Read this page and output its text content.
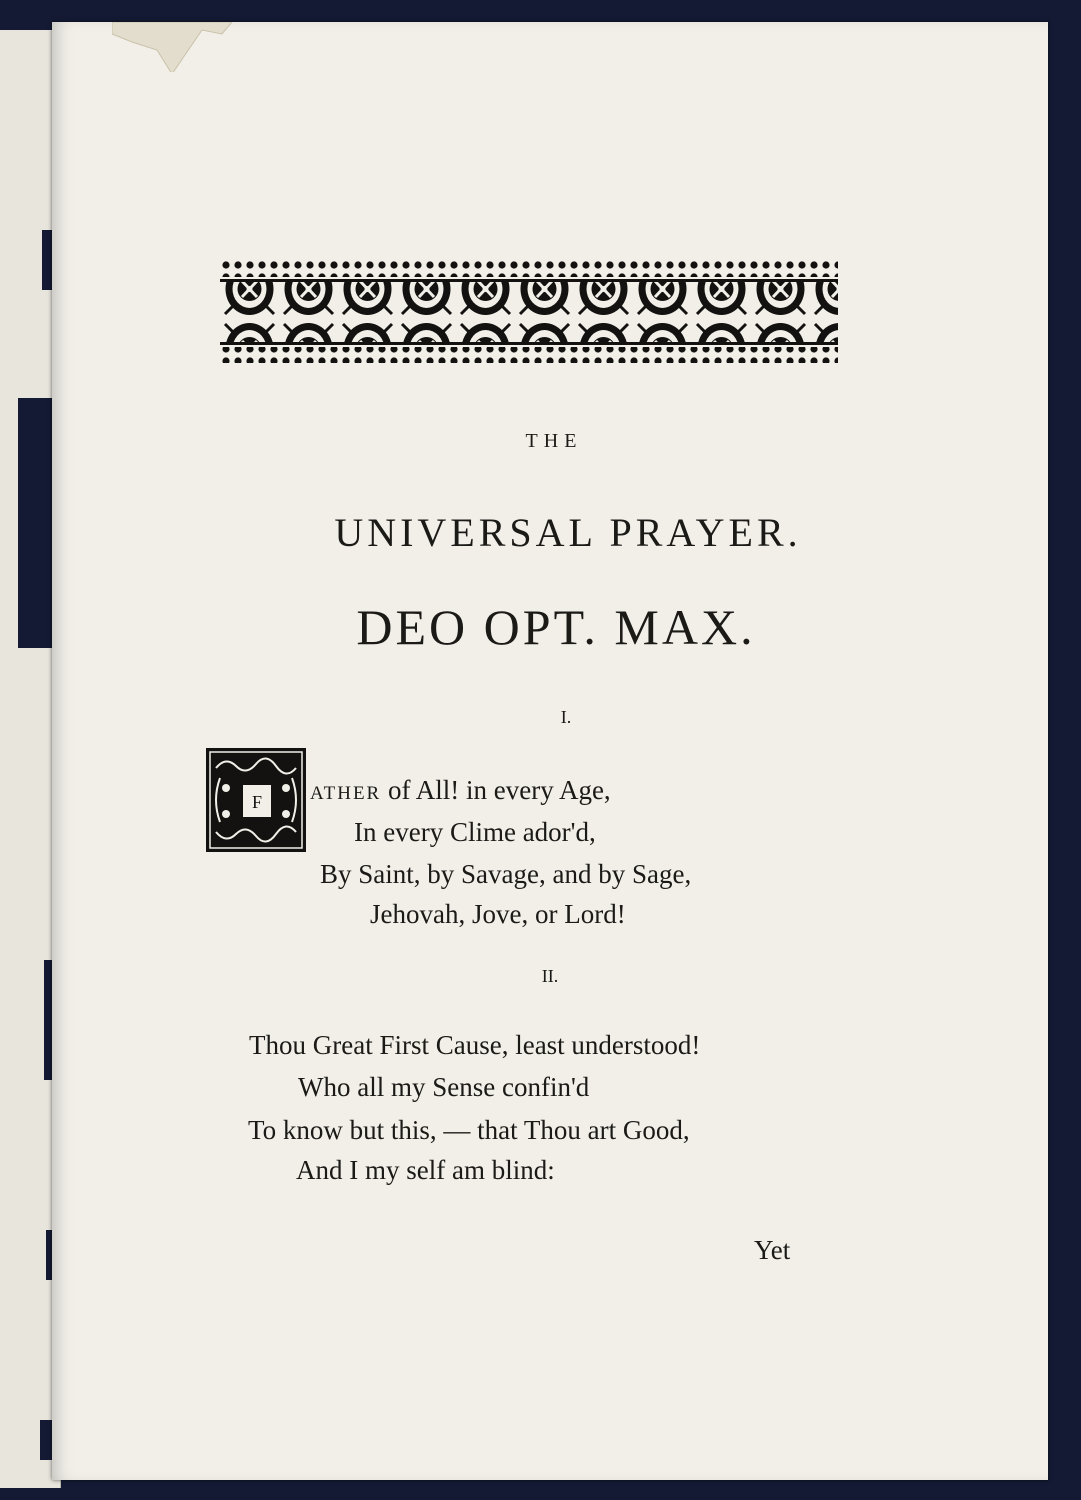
THE
UNIVERSAL PRAYER.
DEO OPT. MAX.
I.
F	ATHER of All! in every Age,
In every Clime ador'd,
By Saint, by Savage, and by Sage,
Jehovah, Jove, or Lord!
II.
Thou Great First Cause, least understood!
Who all my Sense confin'd
To know but this, — that Thou art Good,
And I my self am blind:
Yet
